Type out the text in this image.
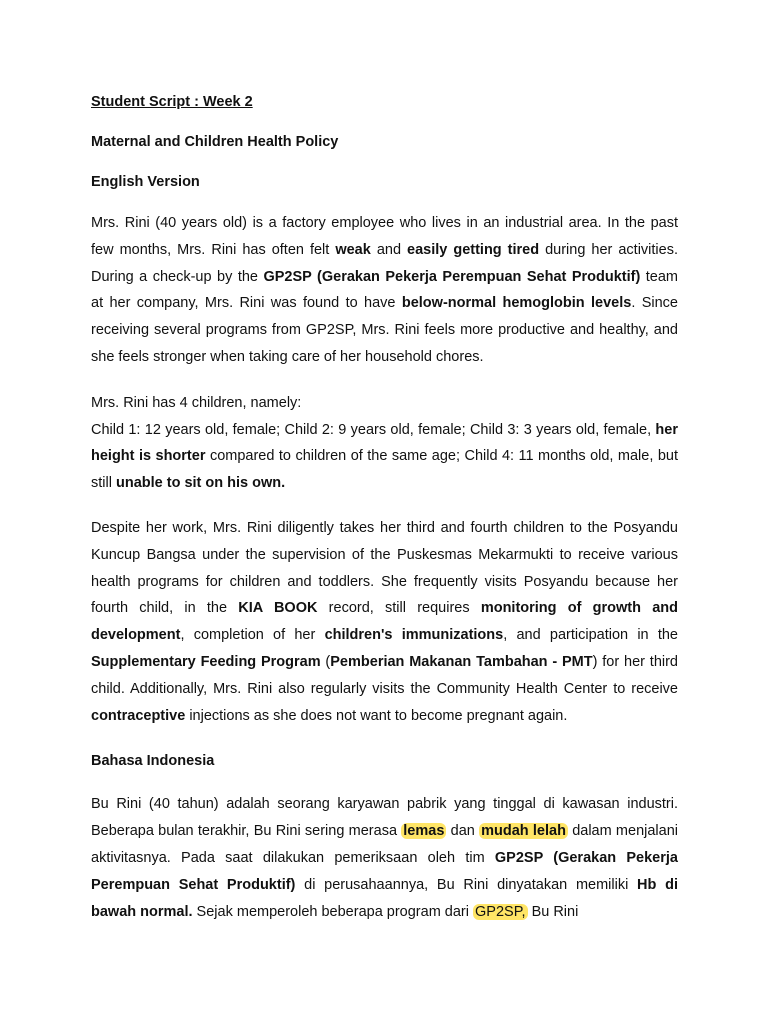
Student Script : Week 2
Maternal and Children Health Policy
English Version

Mrs. Rini (40 years old) is a factory employee who lives in an industrial area. In the past few months, Mrs. Rini has often felt weak and easily getting tired during her activities. During a check-up by the GP2SP (Gerakan Pekerja Perempuan Sehat Produktif) team at her company, Mrs. Rini was found to have below-normal hemoglobin levels. Since receiving several programs from GP2SP, Mrs. Rini feels more productive and healthy, and she feels stronger when taking care of her household chores.

Mrs. Rini has 4 children, namely:

Child 1: 12 years old, female; Child 2: 9 years old, female; Child 3: 3 years old, female, her height is shorter compared to children of the same age; Child 4: 11 months old, male, but still unable to sit on his own.

Despite her work, Mrs. Rini diligently takes her third and fourth children to the Posyandu Kuncup Bangsa under the supervision of the Puskesmas Mekarmukti to receive various health programs for children and toddlers. She frequently visits Posyandu because her fourth child, in the KIA BOOK record, still requires monitoring of growth and development, completion of her children's immunizations, and participation in the Supplementary Feeding Program (Pemberian Makanan Tambahan - PMT) for her third child. Additionally, Mrs. Rini also regularly visits the Community Health Center to receive contraceptive injections as she does not want to become pregnant again.

Bahasa Indonesia

Bu Rini (40 tahun) adalah seorang karyawan pabrik yang tinggal di kawasan industri. Beberapa bulan terakhir, Bu Rini sering merasa lemas dan mudah lelah dalam menjalani aktivitasnya. Pada saat dilakukan pemeriksaan oleh tim GP2SP (Gerakan Pekerja Perempuan Sehat Produktif) di perusahaannya, Bu Rini dinyatakan memiliki Hb di bawah normal. Sejak memperoleh beberapa program dari GP2SP, Bu Rini
